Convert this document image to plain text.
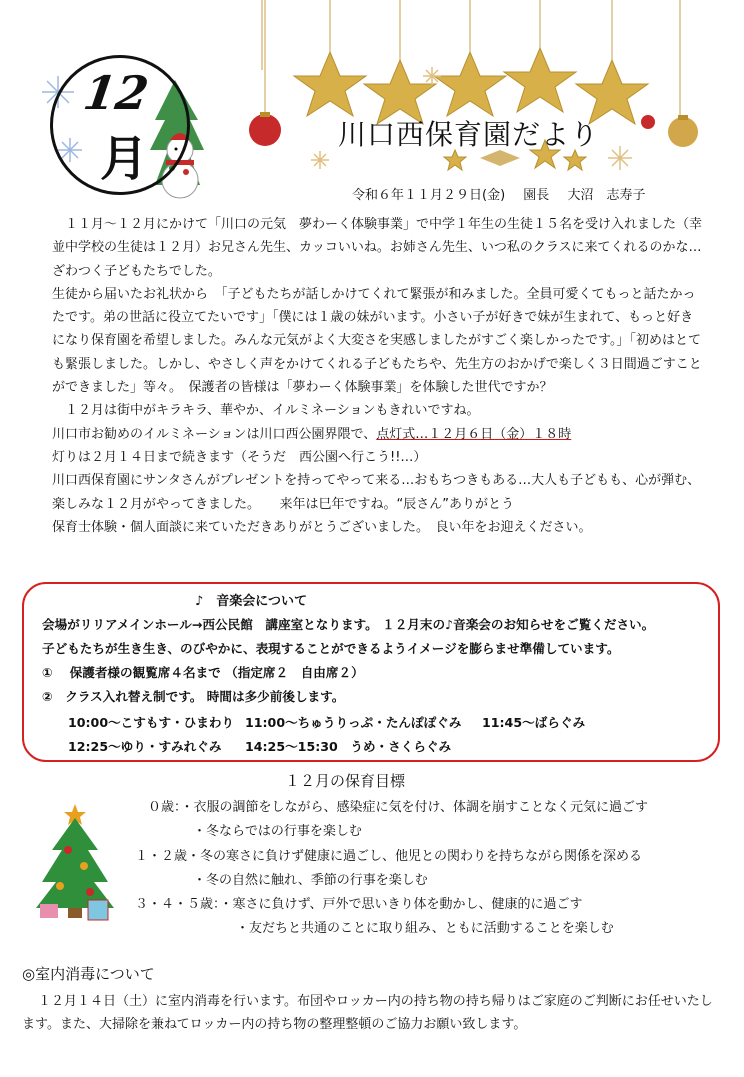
12
月	川口西保育園だより
令和６年１１月２９日(金) 園長 大沼　志寿子

１１月～１２月にかけて「川口の元気　夢わーく体験事業」で中学１年生の生徒１５名を受け入れました（幸並中学校の生徒は１２月）お兄さん先生、カッコいいね。お姉さん先生、いつ私のクラスに来てくれるのかな…　ざわつく子どもたちでした。

生徒から届いたお礼状から　「子どもたちが話しかけてくれて緊張が和みました。全員可愛くてもっと話たかったです。弟の世話に役立てたいです」「僕には１歳の妹がいます。小さい子が好きで妹が生まれて、もっと好きになり保育園を希望しました。みんな元気がよく大変さを実感しましたがすごく楽しかったです。」「初めはとても緊張しました。しかし、やさしく声をかけてくれる子どもたちや、先生方のおかげで楽しく３日間過ごすことができました」等々。　保護者の皆様は「夢わーく体験事業」を体験した世代ですか？

１２月は街中がキラキラ、華やか、イルミネーションもきれいですね。

川口市お勧めのイルミネーションは川口西公園界隈で、点灯式…１２月６日（金）１８時

灯りは２月１４日まで続きます（そうだ　西公園へ行こう!!…）

川口西保育園にサンタさんがプレゼントを持ってやって来る…おもちつきもある…大人も子どもも、心が弾む、楽しみな１２月がやってきました。　　来年は巳年ですね。“辰さん”ありがとう

保育士体験・個人面談に来ていただきありがとうございました。　良い年をお迎えください。

♪　音楽会について
会場がリリアメインホール→西公民館　講座室となります。 １２月末の♪音楽会のお知らせをご覧ください。
子どもたちが生き生き、のびやかに、表現することができるようイメージを膨らませ準備しています。
①　 保護者様の観覧席４名まで （指定席２　自由席２）
②　クラス入れ替え制です。 時間は多少前後します。
10:00～こすもす・ひまわり 11:00～ちゅうりっぷ・たんぽぽぐみ 11:45～ばらぐみ
12:25～ゆり・すみれぐみ 14:25～15:30　うめ・さくらぐみ
１２月の保育目標
０歳：・衣服の調節をしながら、感染症に気を付け、体調を崩すことなく元気に過ごす
・冬ならではの行事を楽しむ
１・２歳・冬の寒さに負けず健康に過ごし、他児との関わりを持ちながら関係を深める
・冬の自然に触れ、季節の行事を楽しむ
３・４・５歳：・寒さに負けず、戸外で思いきり体を動かし、健康的に過ごす
・友だちと共通のことに取り組み、ともに活動することを楽しむ
◎室内消毒について
１２月１４日（土）に室内消毒を行います。布団やロッカー内の持ち物の持ち帰りはご家庭のご判断にお任せいたします。また、大掃除を兼ねてロッカー内の持ち物の整理整頓のご協力お願い致します。
